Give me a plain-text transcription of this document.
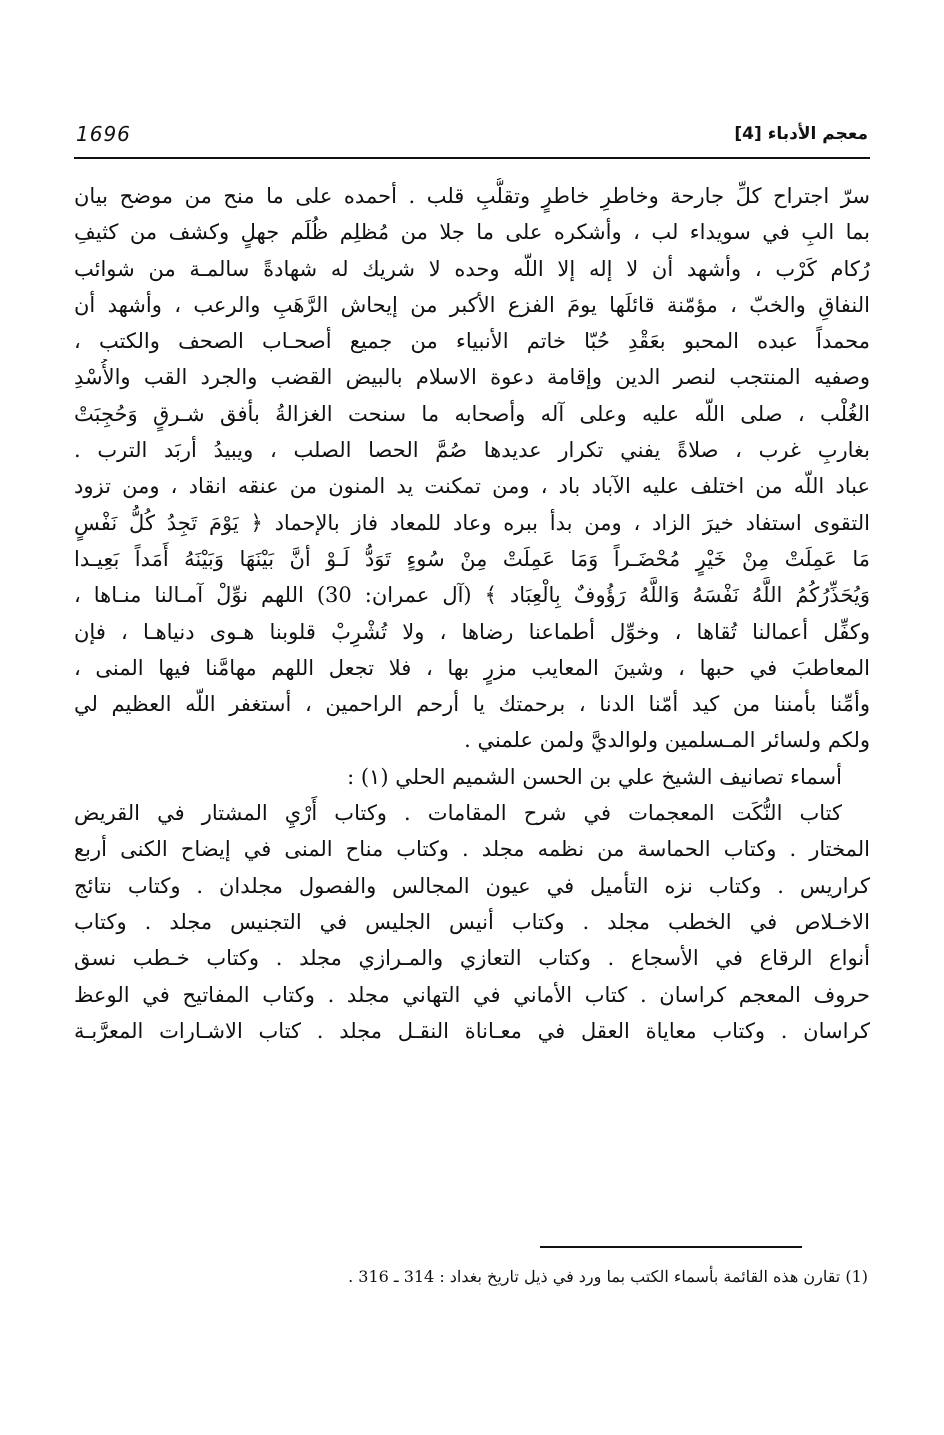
1696	معجم الأدباء [4]
سرّ اجتراح كلِّ جارحة وخاطرِ خاطرٍ وتقلُّبِ قلب . أحمده على ما منح من موضح بيان
بما البِ في سويداء لب ، وأشكره على ما جلا من مُظلِم ظُلَم جهلٍ وكشف من كثيفِ
رُكام كَرْب ، وأشهد أن لا إله إلا اللّه وحده لا شريك له شهادةً سالمـة من شوائب
النفاقِ والخبّ ، مؤمّنة قائلَها يومَ الفزع الأكبر من إيحاش الرَّهَبِ والرعب ، وأشهد أن
محمداً عبده المحبو بعَقْدِ حُبّا خاتم الأنبياء من جميع أصحـاب الصحف والكتب ،
وصفيه المنتجب لنصر الدين وإقامة دعوة الاسلام بالبيض القضب والجرد القب والأُسْدِ
الغُلْب ، صلى اللّه عليه وعلى آله وأصحابه ما سنحت الغزالةُ بأفق شـرقٍ وَحُجِبَتْ
بغاربِ غرب ، صلاةً يفني تكرار عديدها صُمَّ الحصا الصلب ، ويبيدُ أربَد الترب .
عباد اللّه من اختلف عليه الآباد باد ، ومن تمكنت يد المنون من عنقه انقاد ، ومن تزود
التقوى استفاد خيرَ الزاد ، ومن بدأ ببره وعاد للمعاد فاز بالإحماد ﴿ يَوْمَ تَجِدُ كُلُّ نَفْسٍ
مَا عَمِلَتْ مِنْ خَيْرٍ مُحْضَـراً وَمَا عَمِلَتْ مِنْ سُوءٍ تَوَدُّ لَـوْ أنَّ بَيْنَهَا وَبَيْنَهُ أَمَداً بَعِيـدا
وَيُحَذِّرُكُمُ اللَّهُ نَفْسَهُ وَاللَّهُ رَؤُوفٌ بِالْعِبَاد ﴾ (آل عمران: 30) اللهم نوِّلْ آمـالنا منـاها ،
وكفِّل أعمالنا تُقاها ، وخوِّل أطماعنا رضاها ، ولا تُشْرِبْ قلوبنا هـوى دنياهـا ، فإن
المعاطبَ في حبها ، وشينَ المعايب مزرٍ بها ، فلا تجعل اللهم مهامَّنا فيها المنى ،
وأمِّنا بأمننا من كيد أمّنا الدنا ، برحمتك يا أرحم الراحمين ، أستغفر اللّه العظيم لي
ولكم ولسائر المـسلمين ولوالديَّ ولمن علمني .
أسماء تصانيف الشيخ علي بن الحسن الشميم الحلي (١) :
كتاب النُّكَت المعجمات في شرح المقامات . وكتاب أَرْيِ المشتار في القريض
المختار . وكتاب الحماسة من نظمه مجلد . وكتاب مناح المنى في إيضاح الكنى أربع
كراريس . وكتاب نزه التأميل في عيون المجالس والفصول مجلدان . وكتاب نتائج
الاخـلاص في الخطب مجلد . وكتاب أنيس الجليس في التجنيس مجلد . وكتاب
أنواع الرقاع في الأسجاع . وكتاب التعازي والمـرازي مجلد . وكتاب خـطب نسق
حروف المعجم كراسان . كتاب الأماني في التهاني مجلد . وكتاب المفاتيح في الوعظ
كراسان . وكتاب معاياة العقل في معـاناة النقـل مجلد . كتاب الاشـارات المعرَّبـة
(1) تقارن هذه القائمة بأسماء الكتب بما ورد في ذيل تاريخ بغداد : 314 ـ 316 .
